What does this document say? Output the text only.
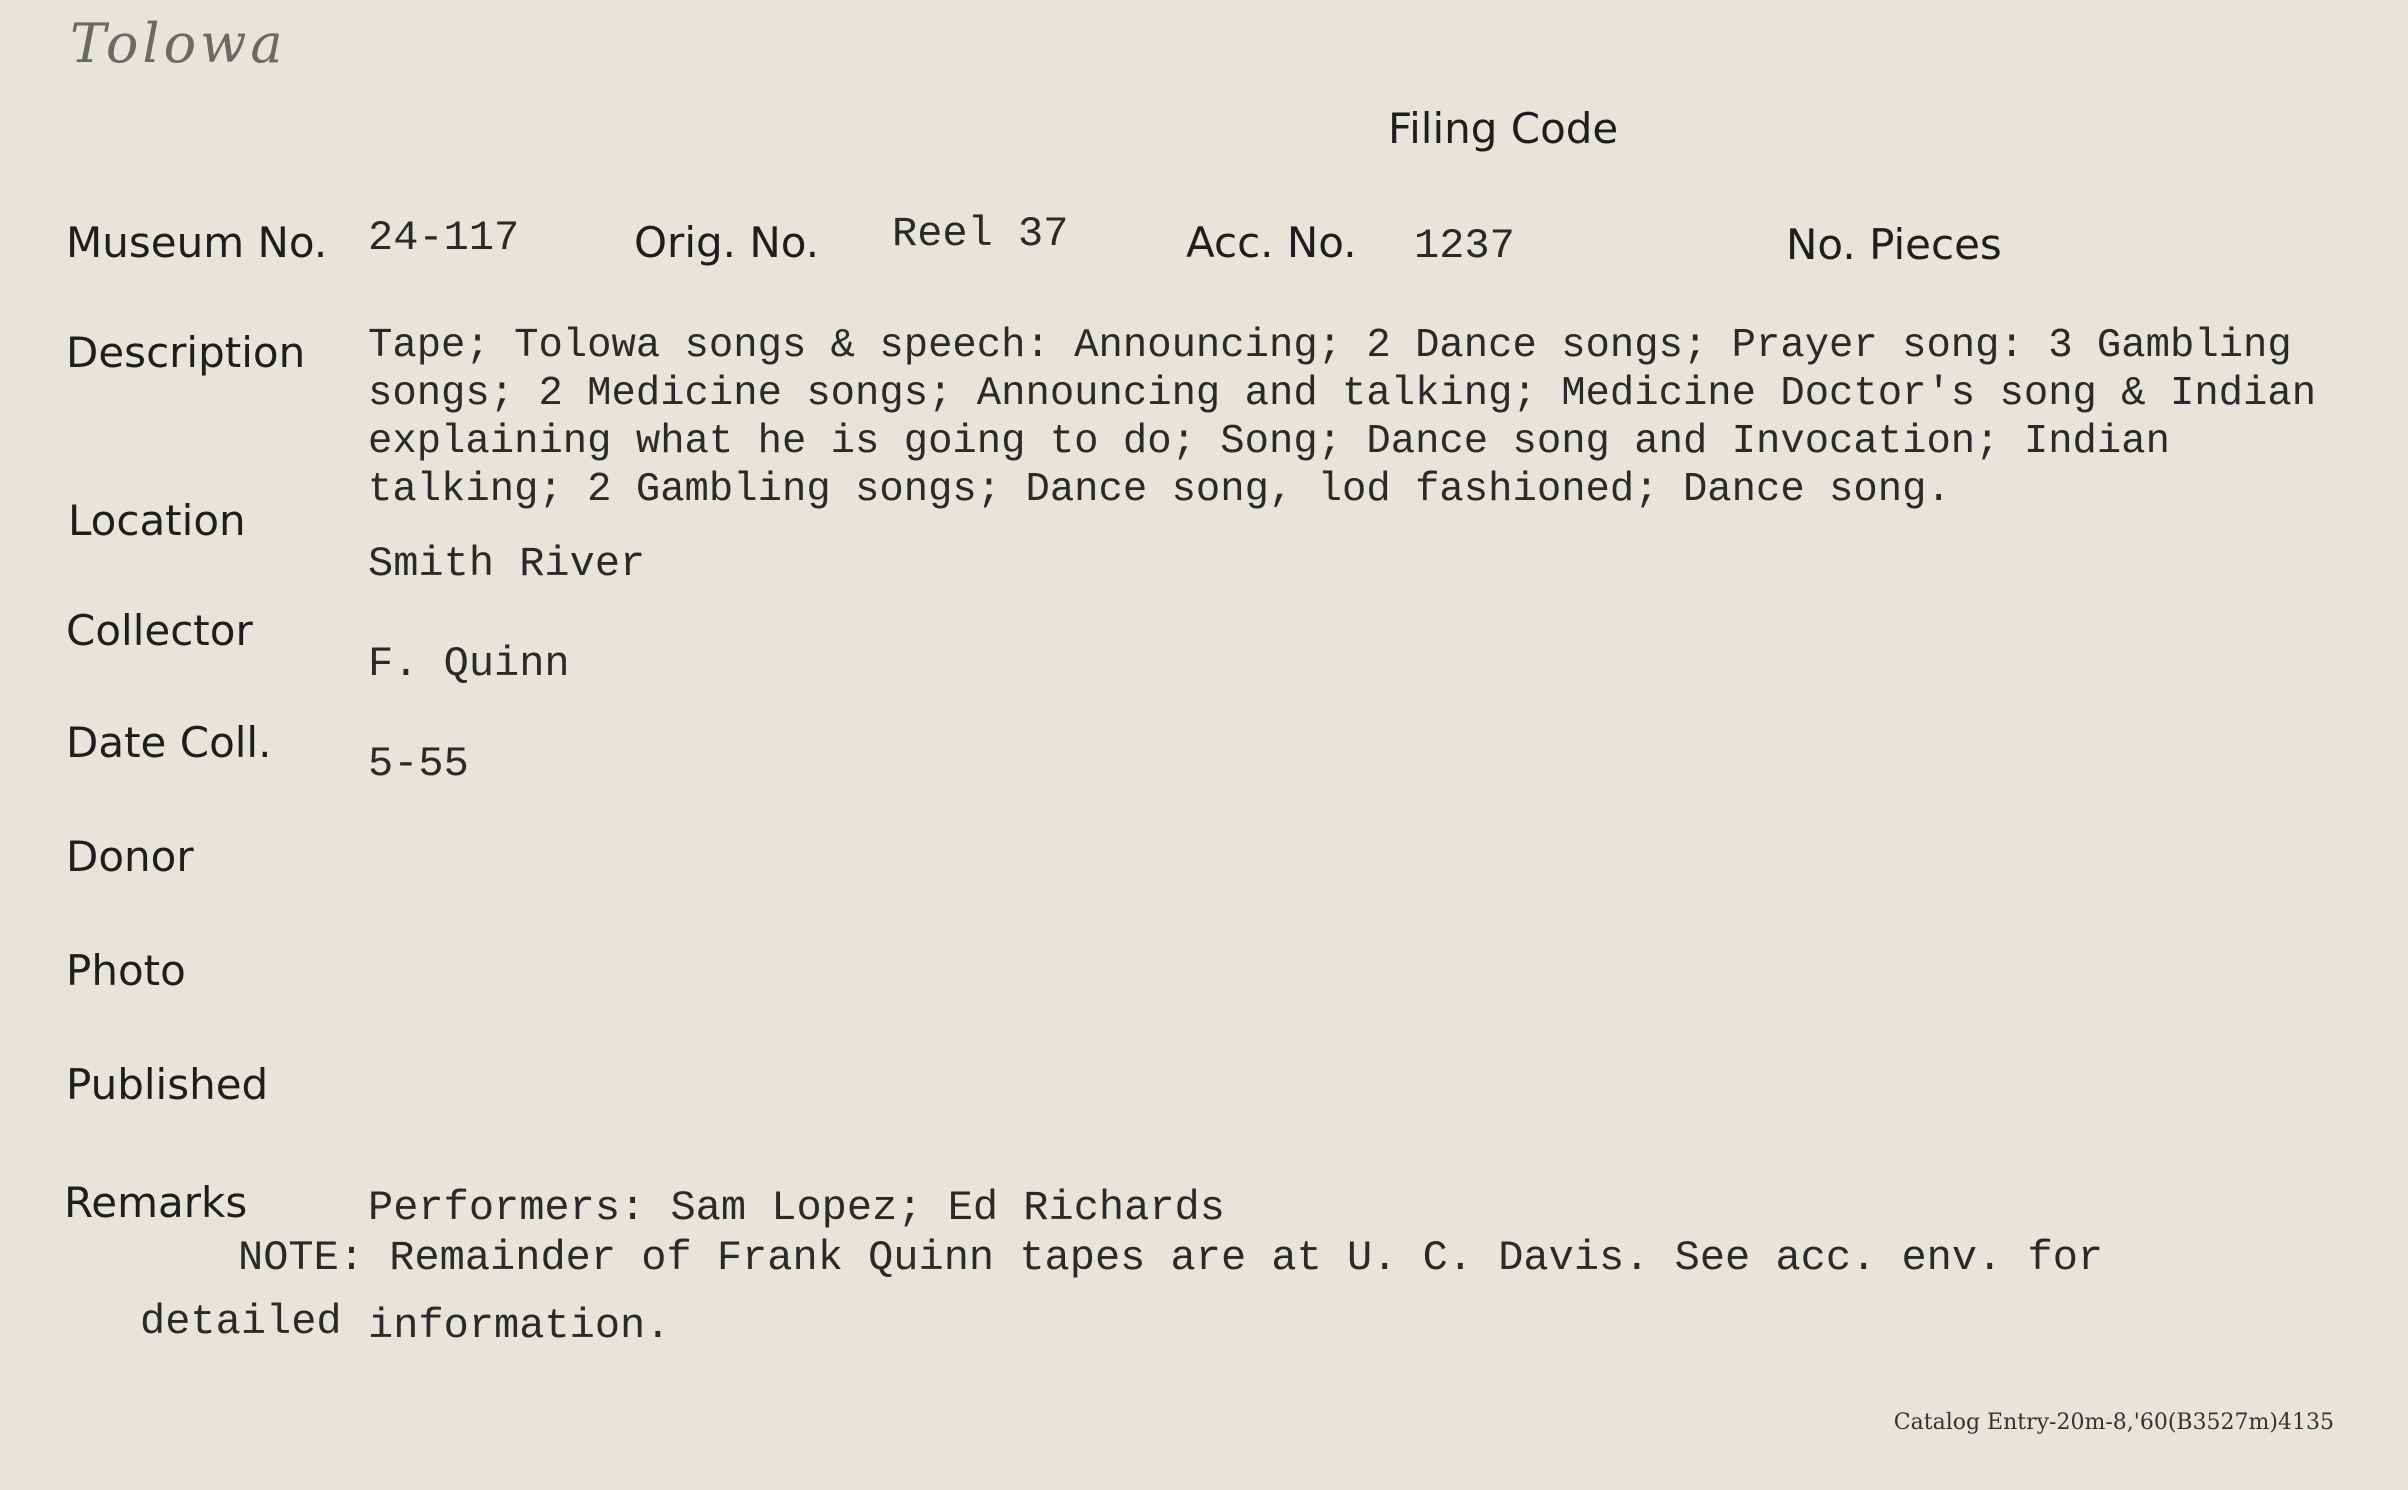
Tolowa
Filing Code
Museum No. 24-117	Orig. No. Reel 37	Acc. No. 1237	No. Pieces
Description Tape; Tolowa songs & speech: Announcing; 2 Dance songs; Prayer song: 3 Gambling songs; 2 Medicine songs; Announcing and talking; Medicine Doctor's song & Indian explaining what he is going to do; Song; Dance song and Invocation; Indian talking; 2 Gambling songs; Dance song, lod fashioned; Dance song.
Location
Smith River
Collector
F. Quinn
Date Coll. 5-55
Donor
Photo
Published
Remarks	Performers: Sam Lopez; Ed Richards
NOTE: Remainder of Frank Quinn tapes are at U. C. Davis. See acc. env. for
detailed information.
Catalog Entry-20m-8,'60(B3527m)4135
